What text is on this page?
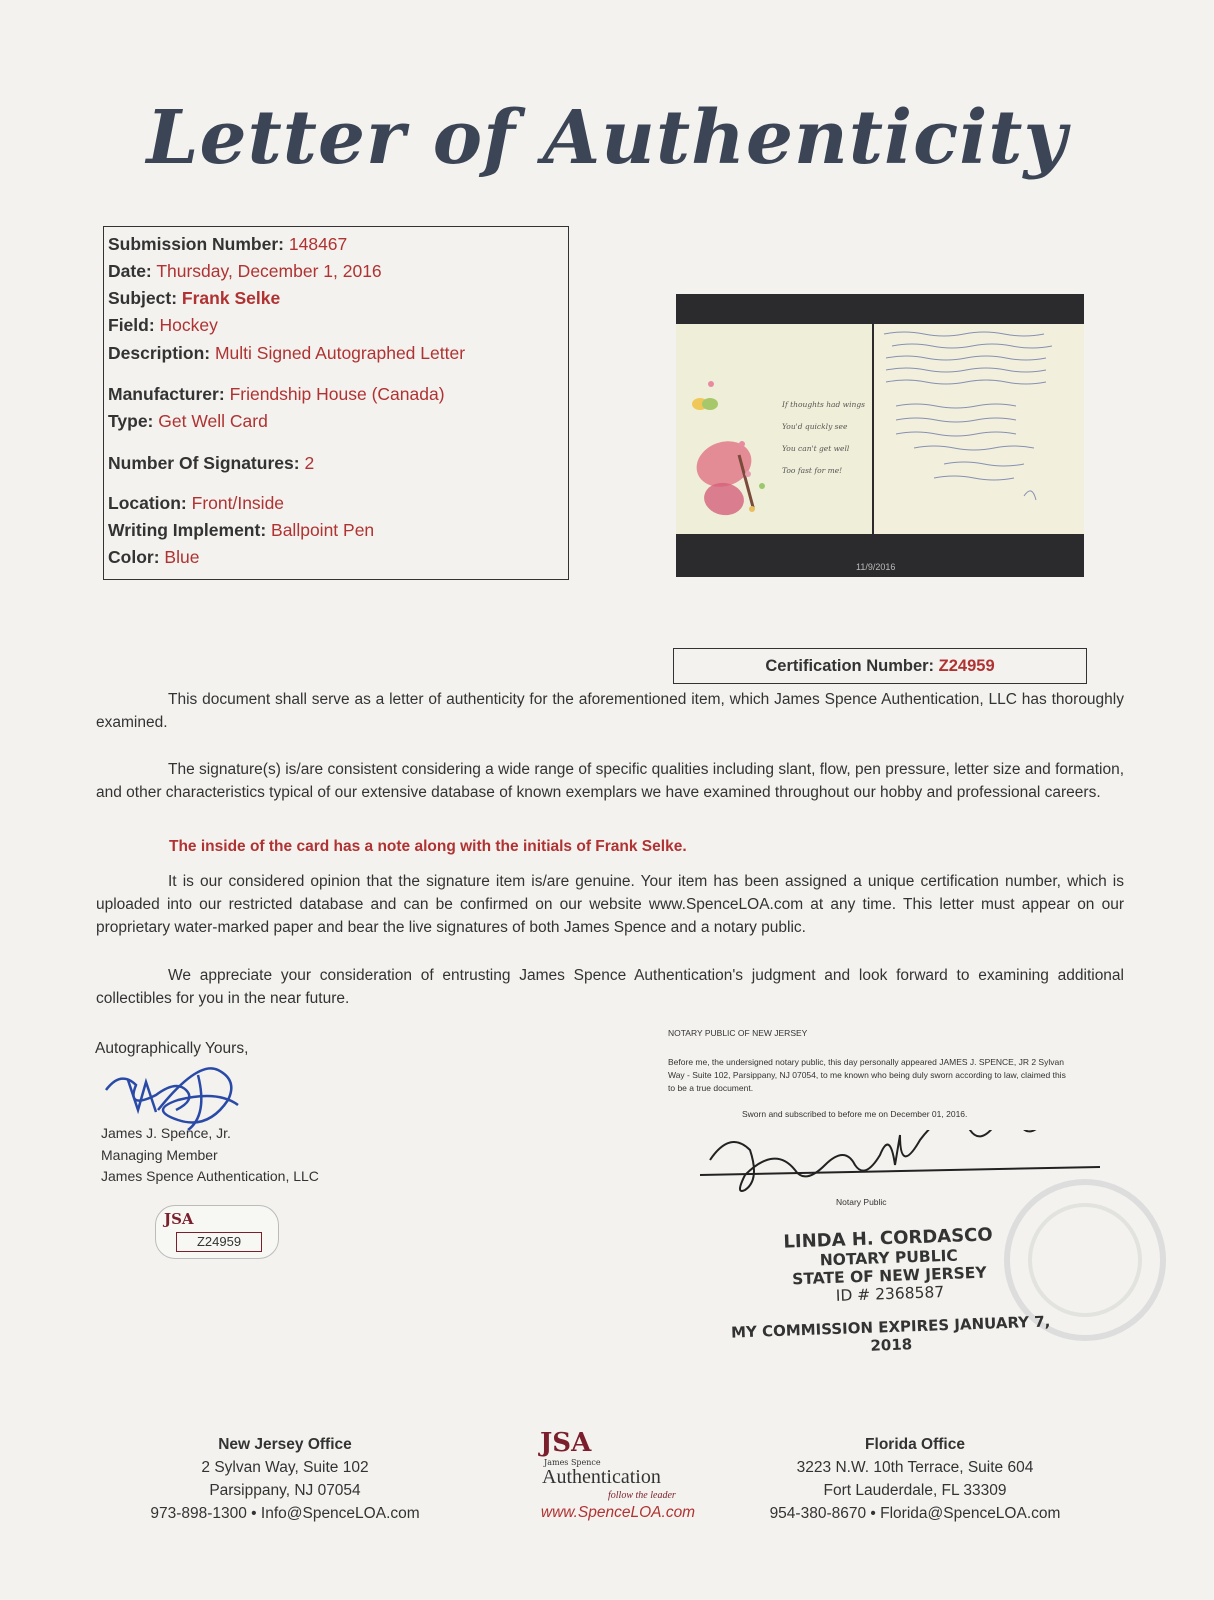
Letter of Authenticity
Submission Number: 148467
Date: Thursday, December 1, 2016
Subject: Frank Selke
Field: Hockey
Description: Multi Signed Autographed Letter
Manufacturer: Friendship House (Canada)
Type: Get Well Card
Number Of Signatures: 2
Location: Front/Inside
Writing Implement: Ballpoint Pen
Color: Blue
If thoughts had wings
You'd quickly see
You can't get well
Too fast for me!
11/9/2016
Certification Number: Z24959
This document shall serve as a letter of authenticity for the aforementioned item, which James Spence Authentication, LLC has thoroughly examined.
The signature(s) is/are consistent considering a wide range of specific qualities including slant, flow, pen pressure, letter size and formation, and other characteristics typical of our extensive database of known exemplars we have examined throughout our hobby and professional careers.
The inside of the card has a note along with the initials of Frank Selke.
It is our considered opinion that the signature item is/are genuine. Your item has been assigned a unique certification number, which is uploaded into our restricted database and can be confirmed on our website www.SpenceLOA.com at any time. This letter must appear on our proprietary water-marked paper and bear the live signatures of both James Spence and a notary public.
We appreciate your consideration of entrusting James Spence Authentication's judgment and look forward to examining additional collectibles for you in the near future.
Autographically Yours,
James J. Spence, Jr.
Managing Member
James Spence Authentication, LLC
JSA
Z24959
NOTARY PUBLIC OF NEW JERSEY
Before me, the undersigned notary public, this day personally appeared JAMES J. SPENCE, JR 2 Sylvan Way - Suite 102, Parsippany, NJ 07054, to me known who being duly sworn according to law, claimed this to be a true document.
Sworn and subscribed to before me on December 01, 2016.
Notary Public
LINDA H. CORDASCO
NOTARY PUBLIC
STATE OF NEW JERSEY
ID # 2368587
MY COMMISSION EXPIRES JANUARY 7, 2018
New Jersey Office
2 Sylvan Way, Suite 102
Parsippany, NJ 07054
973-898-1300 • Info@SpenceLOA.com
JSA
James Spence
Authentication
follow the leader
www.SpenceLOA.com
Florida Office
3223 N.W. 10th Terrace, Suite 604
Fort Lauderdale, FL 33309
954-380-8670 • Florida@SpenceLOA.com
